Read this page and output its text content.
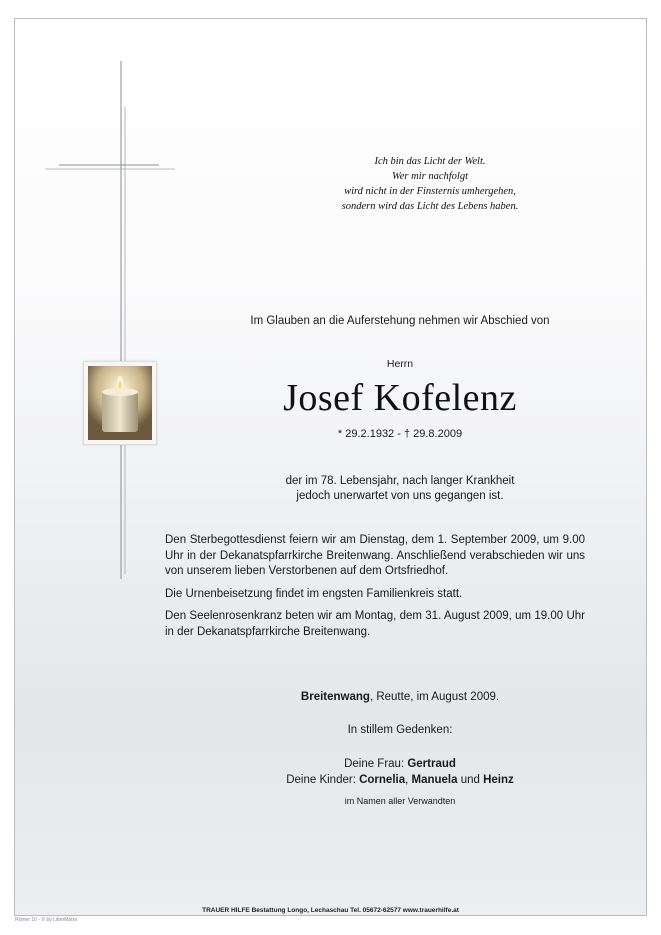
Ich bin das Licht der Welt.
Wer mir nachfolgt
wird nicht in der Finsternis umhergehen,
sondern wird das Licht des Lebens haben.
Im Glauben an die Auferstehung nehmen wir Abschied von
Herrn
Josef Kofelenz
* 29.2.1932 - † 29.8.2009
der im 78. Lebensjahr, nach langer Krankheit
jedoch unerwartet von uns gegangen ist.

Den Sterbegottesdienst feiern wir am Dienstag, dem 1. September 2009, um 9.00 Uhr in der Dekanatspfarrkirche Breitenwang. Anschließend verabschieden wir uns von unserem lieben Verstorbenen auf dem Ortsfriedhof.

Die Urnenbeisetzung findet im engsten Familienkreis statt.

Den Seelenrosenkranz beten wir am Montag, dem 31. August 2009, um 19.00 Uhr in der Dekanatspfarrkirche Breitenwang.

Breitenwang, Reutte, im August 2009.
In stillem Gedenken:
Deine Frau: Gertraud
Deine Kinder: Cornelia, Manuela und Heinz
im Namen aller Verwandten
TRAUER HILFE Bestattung Longo, Lechaschau Tel. 05672-62577 www.trauerhilfe.at
Römer 10 - © by LitterMatra
